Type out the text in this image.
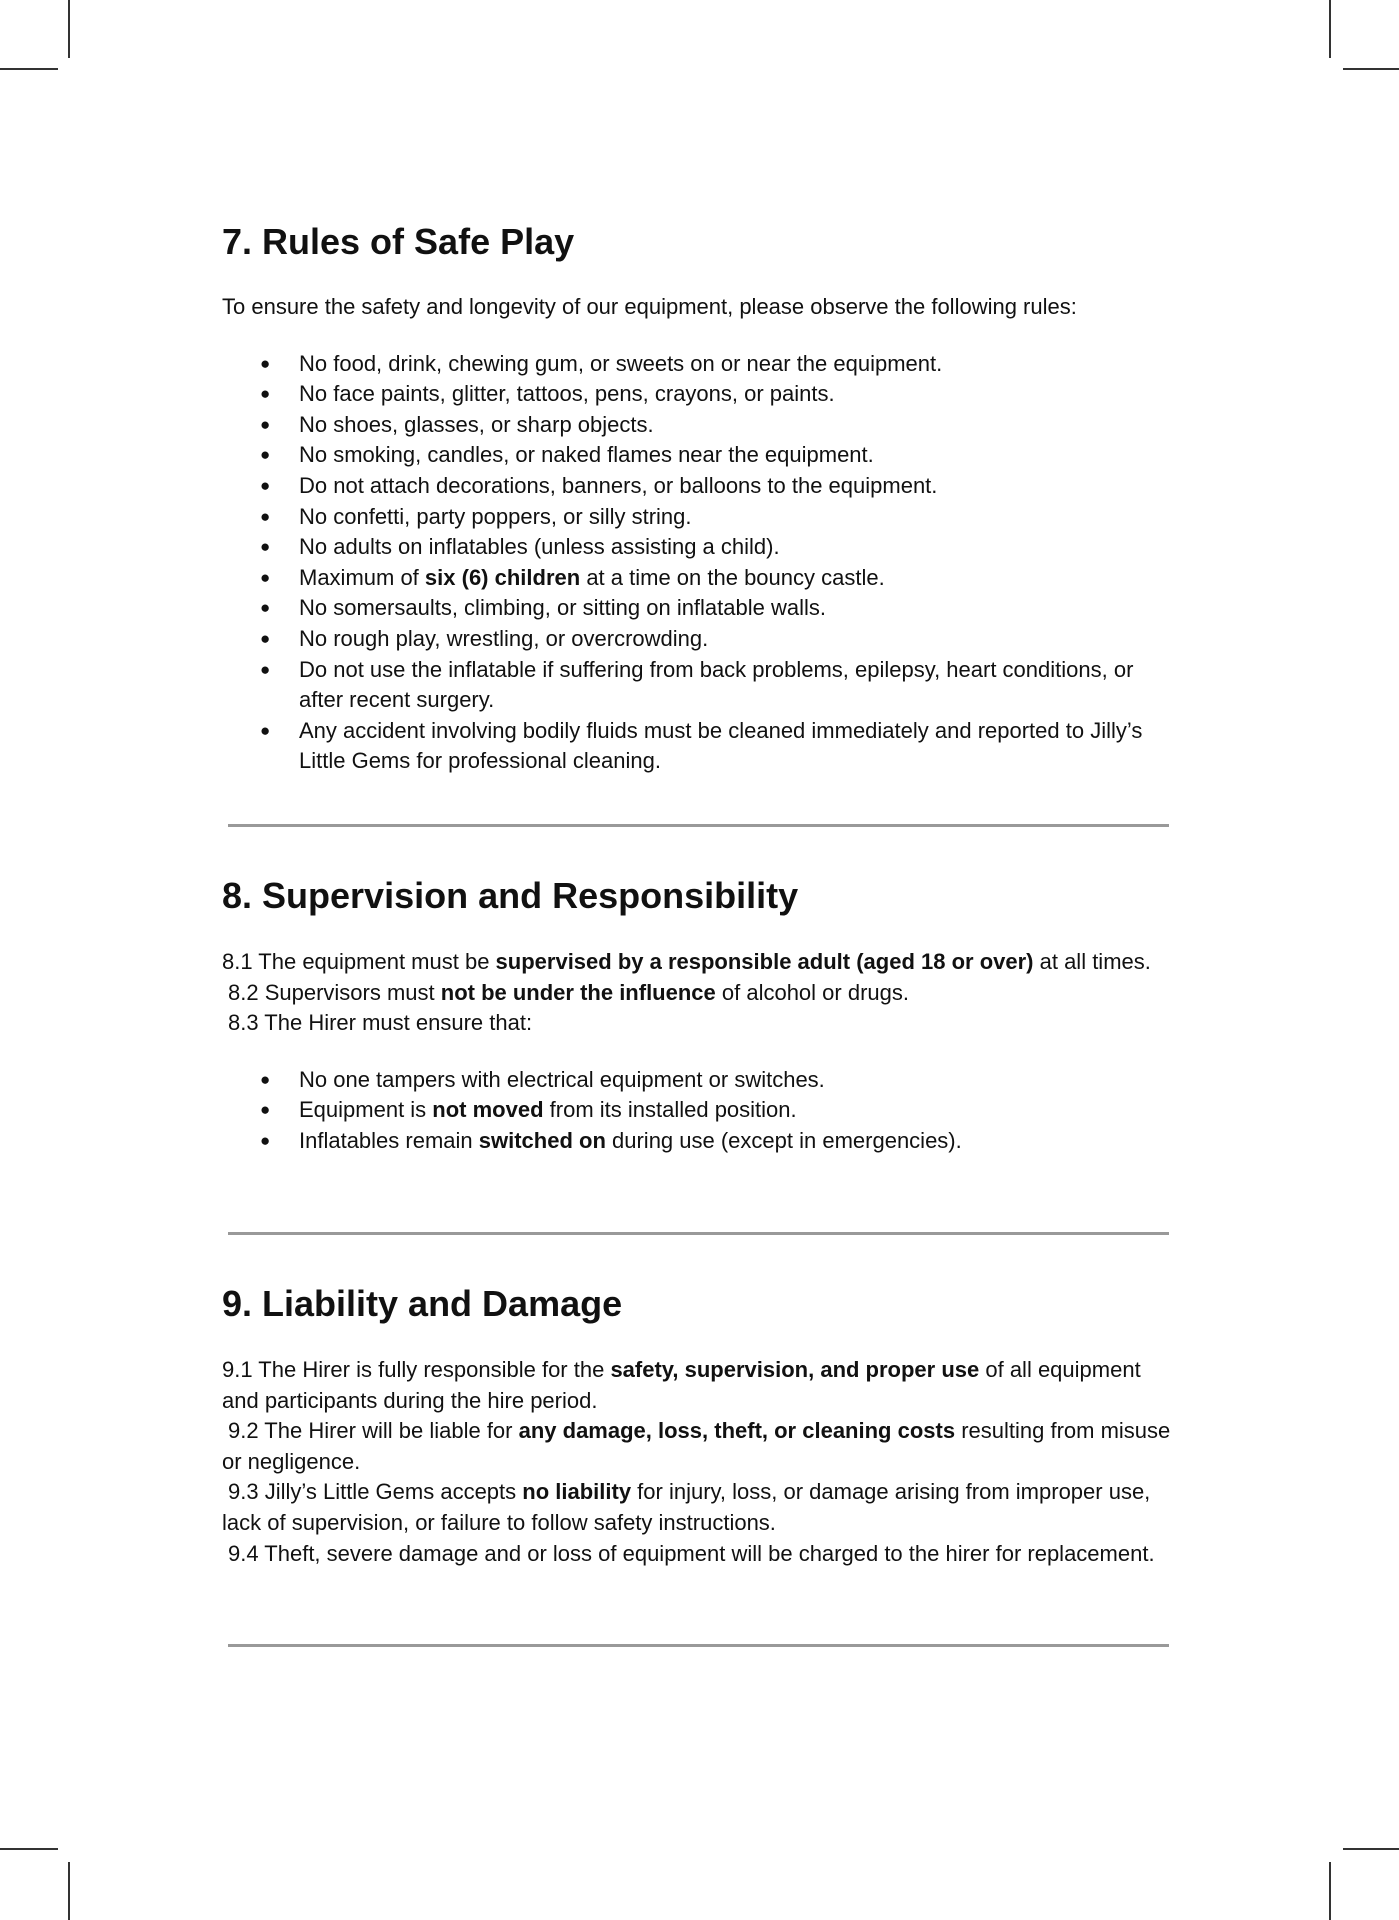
7. Rules of Safe Play

To ensure the safety and longevity of our equipment, please observe the following rules:

● No food, drink, chewing gum, or sweets on or near the equipment.
● No face paints, glitter, tattoos, pens, crayons, or paints.
● No shoes, glasses, or sharp objects.
● No smoking, candles, or naked flames near the equipment.
● Do not attach decorations, banners, or balloons to the equipment.
● No confetti, party poppers, or silly string.
● No adults on inflatables (unless assisting a child).
● Maximum of six (6) children at a time on the bouncy castle.
● No somersaults, climbing, or sitting on inflatable walls.
● No rough play, wrestling, or overcrowding.
● Do not use the inflatable if suffering from back problems, epilepsy, heart conditions, or after recent surgery.
● Any accident involving bodily fluids must be cleaned immediately and reported to Jilly’s Little Gems for professional cleaning.
8. Supervision and Responsibility

8.1 The equipment must be supervised by a responsible adult (aged 18 or over) at all times.

8.2 Supervisors must not be under the influence of alcohol or drugs.

8.3 The Hirer must ensure that:

● No one tampers with electrical equipment or switches.
● Equipment is not moved from its installed position.
● Inflatables remain switched on during use (except in emergencies).
9. Liability and Damage

9.1 The Hirer is fully responsible for the safety, supervision, and proper use of all equipment and participants during the hire period.

9.2 The Hirer will be liable for any damage, loss, theft, or cleaning costs resulting from misuse or negligence.

9.3 Jilly’s Little Gems accepts no liability for injury, loss, or damage arising from improper use, lack of supervision, or failure to follow safety instructions.

9.4 Theft, severe damage and or loss of equipment will be charged to the hirer for replacement.
